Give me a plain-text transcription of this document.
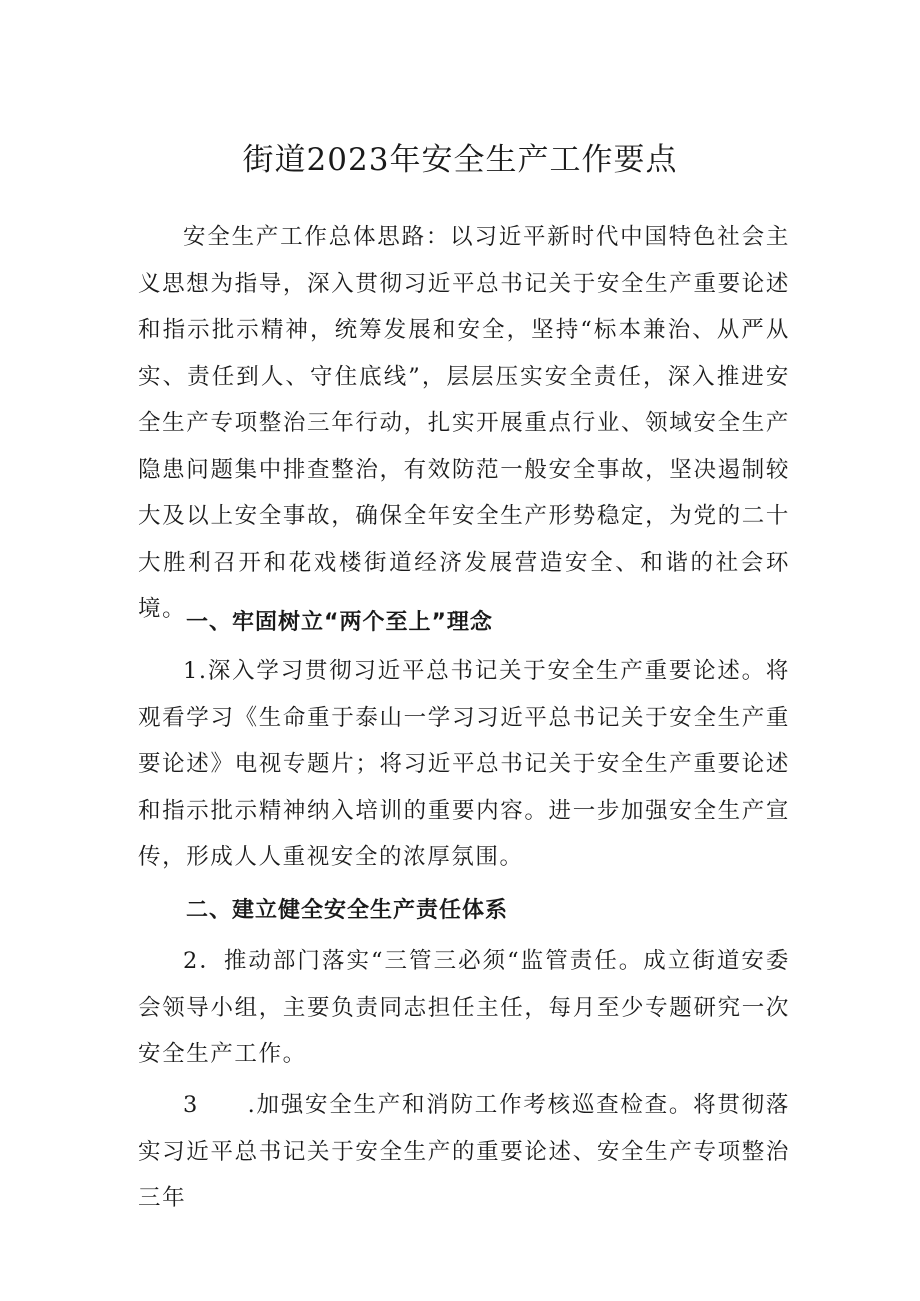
街道2023年安全生产工作要点

安全生产工作总体思路：以习近平新时代中国特色社会主义思想为指导，深入贯彻习近平总书记关于安全生产重要论述和指示批示精神，统筹发展和安全，坚持“标本兼治、从严从实、责任到人、守住底线”，层层压实安全责任，深入推进安全生产专项整治三年行动，扎实开展重点行业、领域安全生产隐患问题集中排查整治，有效防范一般安全事故，坚决遏制较大及以上安全事故，确保全年安全生产形势稳定，为党的二十大胜利召开和花戏楼街道经济发展营造安全、和谐的社会环境。

一、牢固树立“两个至上”理念

1.深入学习贯彻习近平总书记关于安全生产重要论述。将观看学习《生命重于泰山一学习习近平总书记关于安全生产重要论述》电视专题片；将习近平总书记关于安全生产重要论述和指示批示精神纳入培训的重要内容。进一步加强安全生产宣传，形成人人重视安全的浓厚氛围。

二、建立健全安全生产责任体系

2．推动部门落实“三管三必须“监管责任。成立街道安委会领导小组，主要负责同志担任主任，每月至少专题研究一次安全生产工作。

3　　.加强安全生产和消防工作考核巡查检查。将贯彻落实习近平总书记关于安全生产的重要论述、安全生产专项整治三年
